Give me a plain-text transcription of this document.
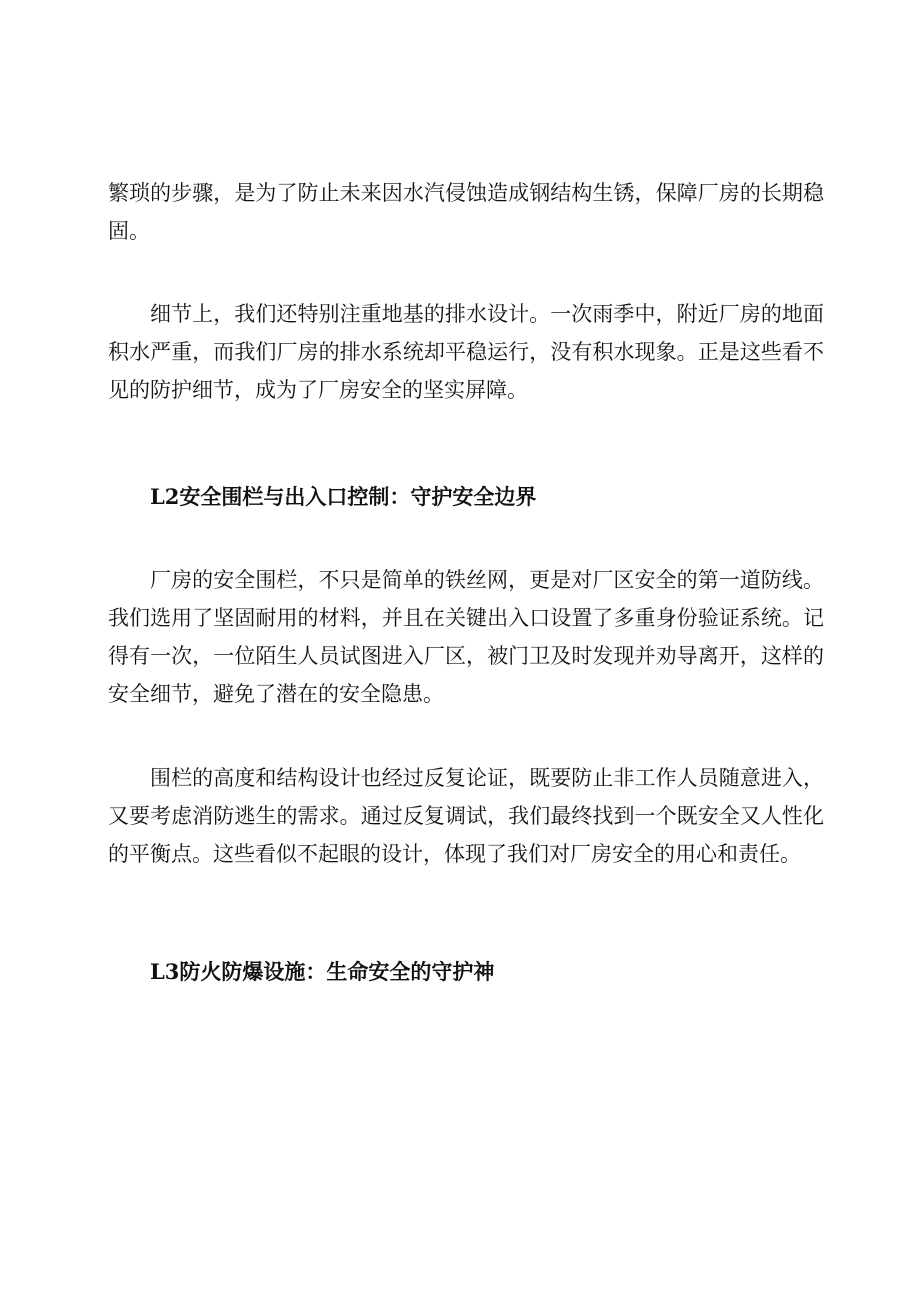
繁琐的步骤，是为了防止未来因水汽侵蚀造成钢结构生锈，保障厂房的长期稳固。

细节上，我们还特别注重地基的排水设计。一次雨季中，附近厂房的地面积水严重，而我们厂房的排水系统却平稳运行，没有积水现象。正是这些看不见的防护细节，成为了厂房安全的坚实屏障。

L2安全围栏与出入口控制：守护安全边界

厂房的安全围栏，不只是简单的铁丝网，更是对厂区安全的第一道防线。我们选用了坚固耐用的材料，并且在关键出入口设置了多重身份验证系统。记得有一次，一位陌生人员试图进入厂区，被门卫及时发现并劝导离开，这样的安全细节，避免了潜在的安全隐患。

围栏的高度和结构设计也经过反复论证，既要防止非工作人员随意进入，又要考虑消防逃生的需求。通过反复调试，我们最终找到一个既安全又人性化的平衡点。这些看似不起眼的设计，体现了我们对厂房安全的用心和责任。

L3防火防爆设施：生命安全的守护神
